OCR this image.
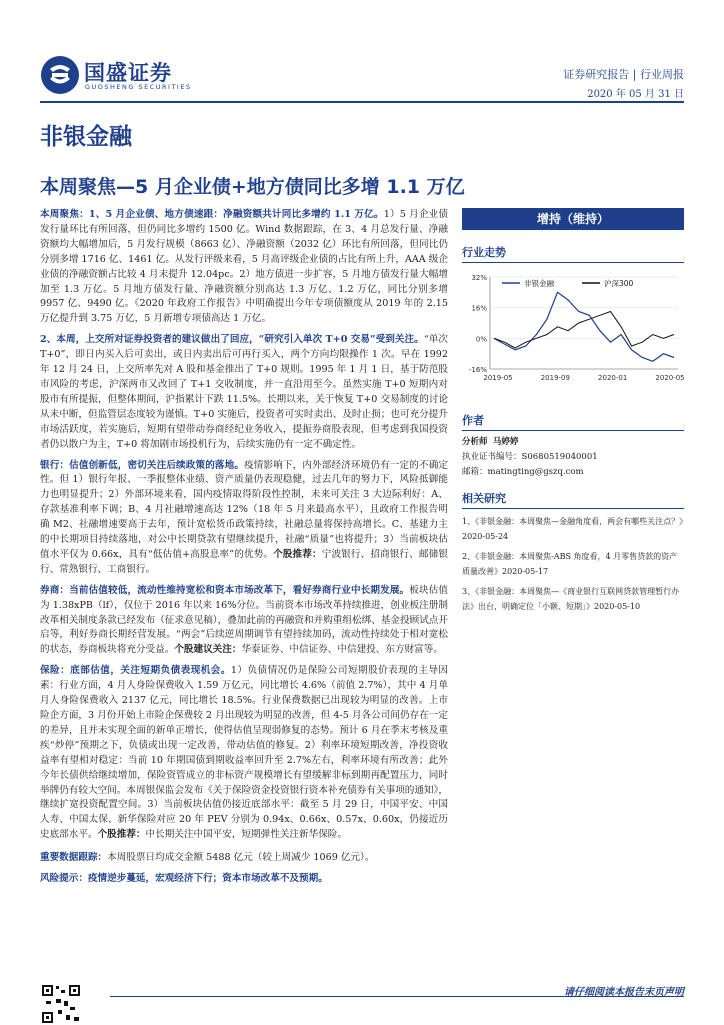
国盛证券
GUOSHENG SECURITIES
证券研究报告 | 行业周报
2020 年 05 月 31 日
非银金融
本周聚焦—5 月企业债+地方债同比多增 1.1 万亿

本周聚焦：1、5 月企业债、地方债速跟：净融资额共计同比多增约 1.1 万亿。1）5 月企业债发行量环比有所回落，但仍同比多增约 1500 亿。Wind 数据跟踪，在 3、4 月总发行量、净融资额均大幅增加后，5 月发行规模（8663 亿）、净融资额（2032 亿）环比有所回落，但同比仍分别多增 1716 亿、1461 亿。从发行评级来看，5 月高评级企业债的占比有所上升，AAA 级企业债的净融资额占比较 4 月末提升 12.04pc。2）地方债进一步扩容，5 月地方债发行量大幅增加至 1.3 万亿。5 月地方债发行量、净融资额分别高达 1.3 万亿、1.2 万亿，同比分别多增 9957 亿、9490 亿。《2020 年政府工作报告》中明确提出今年专项债额度从 2019 年的 2.15 万亿提升到 3.75 万亿，5 月新增专项债高达 1 万亿。

2、本周，上交所对证券投资者的建议做出了回应，“研究引入单次 T+0 交易”受到关注。“单次 T+0”，即日内买入后可卖出，或日内卖出后可再行买入，两个方向均限操作 1 次。早在 1992 年 12 月 24 日，上交所率先对 A 股和基金推出了 T+0 规则。1995 年 1 月 1 日，基于防范股市风险的考虑，沪深两市又改回了 T+1 交收制度，并一直沿用至今。虽然实施 T+0 短期内对股市有所提振，但整体期间，沪指累计下跌 11.5%。长期以来，关于恢复 T+0 交易制度的讨论从未中断，但监管层态度较为谨慎。T+0 实施后，投资者可实时卖出、及时止损；也可充分提升市场活跃度，若实施后，短期有望带动券商经纪业务收入，提振券商股表现，但考虑到我国投资者仍以散户为主，T+0 将加剧市场投机行为，后续实施仍有一定不确定性。

银行：估值创新低，密切关注后续政策的落地。疫情影响下，内外部经济环境仍有一定的不确定性。但 1）银行年报、一季报整体业绩、资产质量仍表现稳健，过去几年的努力下，风险抵御能力也明显提升；2）外部环境来看，国内疫情取得阶段性控制，未来可关注 3 大边际利好：A、存款基准利率下调；B、4 月社融增速高达 12%（18 年 5 月来最高水平），且政府工作报告明确 M2、社融增速要高于去年，预计宽松货币政策持续，社融总量将保持高增长。C、基建力主的中长期项目持续落地，对公中长期贷款有望继续提升，社融“质量”也将提升；3）当前板块估值水平仅为 0.66x，具有“低估值+高股息率”的优势。个股推荐：宁波银行、招商银行、邮储银行、常熟银行、工商银行。

券商：当前估值较低，流动性维持宽松和资本市场改革下，看好券商行业中长期发展。板块估值为 1.38xPB（lf），仅位于 2016 年以来 16%分位。当前资本市场改革持续推进，创业板注册制改革相关制度条款已经发布（征求意见稿），叠加此前的再融资和并购重组松绑、基金投顾试点开启等，利好券商长期经营发展。“两会”后续逆周期调节有望持续加码，流动性持续处于相对宽松的状态，券商板块将充分受益。个股建议关注：华泰证券、中信证券、中信建投、东方财富等。

保险：底部估值，关注短期负债表现机会。1）负债情况仍是保险公司短期股价表现的主导因素：行业方面，4 月人身险保费收入 1.59 万亿元，同比增长 4.6%（前值 2.7%），其中 4 月单月人身险保费收入 2137 亿元，同比增长 18.5%。行业保费数据已出现较为明显的改善。上市险企方面，3 月份开始上市险企保费较 2 月出现较为明显的改善，但 4-5 月各公司间仍存在一定的差异，且并未实现全面的新单正增长，使得估值呈现弱修复的态势。预计 6 月在季末考核及重疾“炒停”预期之下，负债或出现一定改善，带动估值的修复。2）利率环境短期改善，净投资收益率有望相对稳定：当前 10 年期国债到期收益率回升至 2.7%左右，利率环境有所改善；此外今年长债供给继续增加，保险资管成立的非标资产规模增长有望缓解非标到期再配置压力，同时举牌仍有较大空间。本周银保监会发布《关于保险资金投资银行资本补充债券有关事项的通知》，继续扩宽投资配置空间。3）当前板块估值仍接近底部水平：截至 5 月 29 日，中国平安、中国人寿、中国太保、新华保险对应 20 年 PEV 分别为 0.94x、0.66x、0.57x、0.60x，仍接近历史底部水平。个股推荐：中长期关注中国平安，短期弹性关注新华保险。

重要数据跟踪：本周股票日均成交金额 5488 亿元（较上周减少 1069 亿元）。

风险提示：疫情逆步蔓延，宏观经济下行；资本市场改革不及预期。

增持（维持）
行业走势
32%
16%
0%
-16%
2019-05	2019-09	2020-01	2020-05
非银金融	沪深300
作者
分析师 马婷婷
执业证书编号：S0680519040001
邮箱：matingting@gszq.com
相关研究
1、《非银金融：本周聚焦—金融角度看，两会有哪些关注点？》2020-05-24
2、《非银金融：本周聚焦-ABS 角度看，4 月零售贷款的资产质量改善》2020-05-17
3、《非银金融：本周聚焦—《商业银行互联网贷款管理暂行办法》出台，明确定位「小额、短期」》2020-05-10
请仔细阅读本报告末页声明
